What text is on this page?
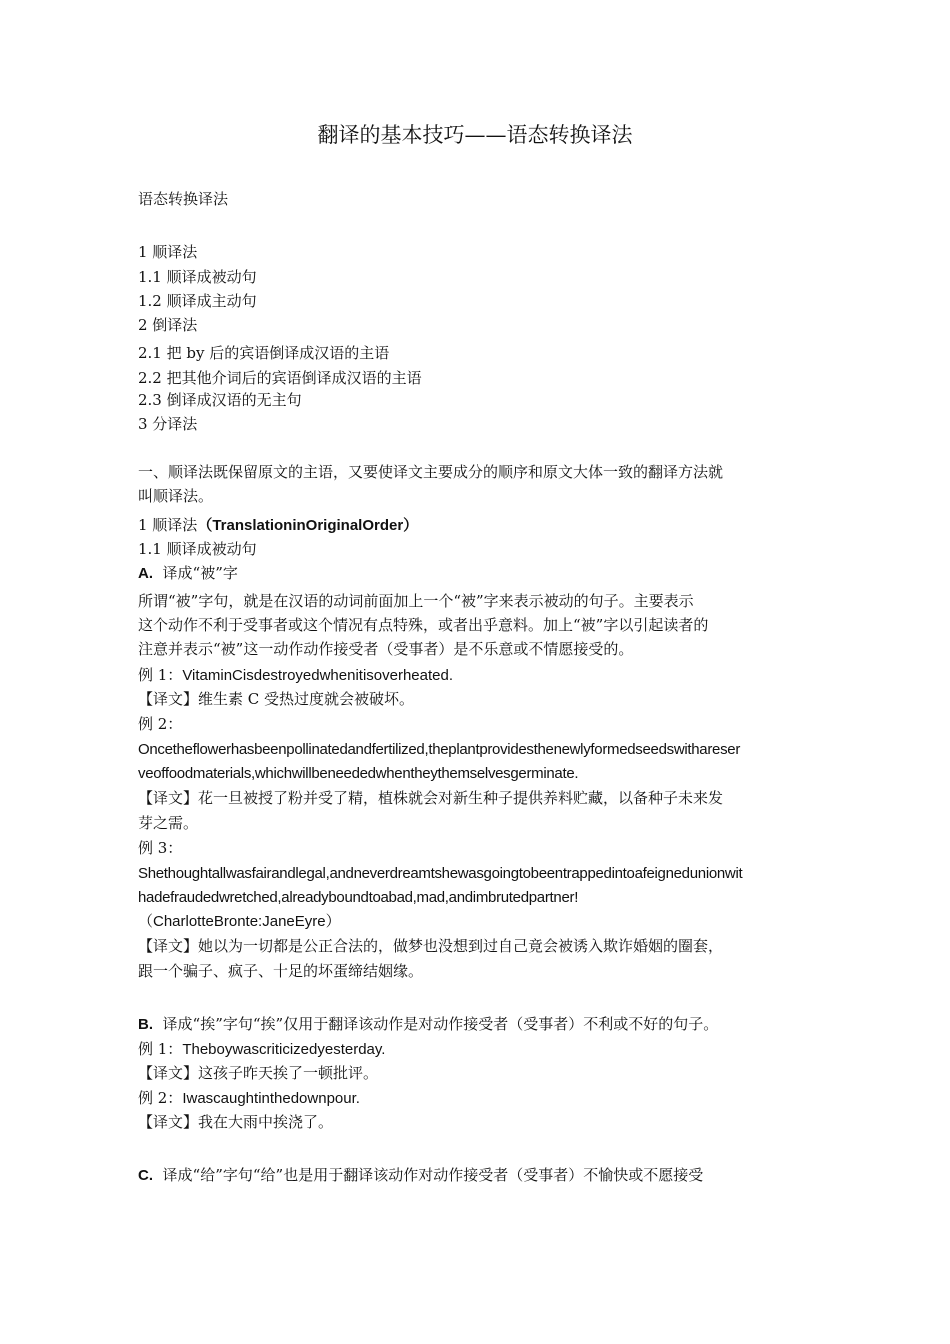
翻译的基本技巧——语态转换译法
语态转换译法
1 顺译法
1.1 顺译成被动句
1.2 顺译成主动句
2 倒译法
2.1 把 by 后的宾语倒译成汉语的主语
2.2 把其他介词后的宾语倒译成汉语的主语
2.3 倒译成汉语的无主句
3 分译法
一、顺译法既保留原文的主语，又要使译文主要成分的顺序和原文大体一致的翻译方法就
叫顺译法。
1 顺译法（TranslationinOriginalOrder）
1.1 顺译成被动句
A. 译成“被”字
所谓“被”字句，就是在汉语的动词前面加上一个“被”字来表示被动的句子。主要表示
这个动作不利于受事者或这个情况有点特殊，或者出乎意料。加上“被”字以引起读者的
注意并表示“被”这一动作动作接受者（受事者）是不乐意或不情愿接受的。
例 1：VitaminCisdestroyedwhenitisoverheated.
【译文】维生素 C 受热过度就会被破坏。
例 2：
Oncetheflowerhasbeenpollinatedandfertilized,theplantprovidesthenewlyformedseedswithareser
veoffoodmaterials,whichwillbeneededwhentheythemselvesgerminate.
【译文】花一旦被授了粉并受了精，植株就会对新生种子提供养料贮藏，以备种子未来发
芽之需。
例 3：
Shethoughtallwasfairandlegal,andneverdreamtshewasgoingtobeentrappedintoafeignedunionwit
hadefraudedwretched,alreadyboundtoabad,mad,andimbrutedpartner!
（CharlotteBronte:JaneEyre）
【译文】她以为一切都是公正合法的，做梦也没想到过自己竟会被诱入欺诈婚姻的圈套，
跟一个骗子、疯子、十足的坏蛋缔结姻缘。
B. 译成“挨”字句“挨”仅用于翻译该动作是对动作接受者（受事者）不利或不好的句子。
例 1：Theboywascriticizedyesterday.
【译文】这孩子昨天挨了一顿批评。
例 2：Iwascaughtinthedownpour.
【译文】我在大雨中挨浇了。
C. 译成“给”字句“给”也是用于翻译该动作对动作接受者（受事者）不愉快或不愿接受
